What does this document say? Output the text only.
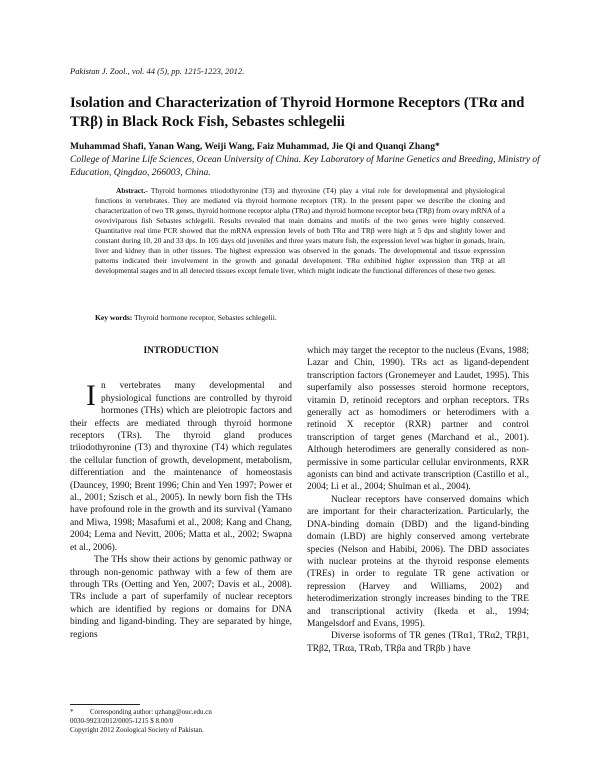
Pakistan J. Zool., vol. 44 (5), pp. 1215-1223, 2012.
Isolation and Characterization of Thyroid Hormone Receptors (TRα and TRβ) in Black Rock Fish, Sebastes schlegelii
Muhammad Shafi, Yanan Wang, Weiji Wang, Faiz Muhammad, Jie Qi and Quanqi Zhang*
College of Marine Life Sciences, Ocean University of China. Key Laboratory of Marine Genetics and Breeding, Ministry of Education, Qingdao, 266003, China.
Abstract.- Thyroid hormones triiodothyronine (T3) and thyroxine (T4) play a vital role for developmental and physiological functions in vertebrates. They are mediated via thyroid hormone receptors (TR). In the present paper we describe the cloning and characterization of two TR genes, thyroid hormone receptor alpha (TRα) and thyroid hormone receptor beta (TRβ) from ovary mRNA of a ovoviviparous fish Sebastes schlegelii. Results revealed that main domains and motifs of the two genes were highly conserved. Quantitative real time PCR showed that the mRNA expression levels of both TRα and TRβ were high at 5 dps and slightly lower and constant during 10, 20 and 33 dps. In 105 days old juveniles and three years mature fish, the expression level was higher in gonads, brain, liver and kidney than in other tissues. The highest expression was observed in the gonads. The developmental and tissue expression patterns indicated their involvement in the growth and gonadal development. TRα exhibited higher expression than TRβ at all developmental stages and in all detected tissues except female liver, which might indicate the functional differences of these two genes.
Key words: Thyroid hormone receptor, Sebastes schlegelii.

INTRODUCTION

In vertebrates many developmental and physiological functions are controlled by thyroid hormones (THs) which are pleiotropic factors and their effects are mediated through thyroid hormone receptors (TRs). The thyroid gland produces triiodothyronine (T3) and thyroxine (T4) which regulates the cellular function of growth, development, metabolism, differentiation and the maintenance of homeostasis (Dauncey, 1990; Brent 1996; Chin and Yen 1997; Power et al., 2001; Szisch et al., 2005). In newly born fish the THs have profound role in the growth and its survival (Yamano and Miwa, 1998; Masafumi et al., 2008; Kang and Chang, 2004; Lema and Nevitt, 2006; Matta et al., 2002; Swapna et al., 2006).

The THs show their actions by genomic pathway or through non-genomic pathway with a few of them are through TRs (Oetting and Yen, 2007; Davis et al., 2008). TRs include a part of superfamily of nuclear receptors which are identified by regions or domains for DNA binding and ligand-binding. They are separated by hinge, regions

which may target the receptor to the nucleus (Evans, 1988; Lazar and Chin, 1990). TRs act as ligand-dependent transcription factors (Gronemeyer and Laudet, 1995). This superfamily also possesses steroid hormone receptors, vitamin D, retinoid receptors and orphan receptors. TRs generally act as homodimers or heterodimers with a retinoid X receptor (RXR) partner and control transcription of target genes (Marchand et al., 2001). Although heterodimers are generally considered as non-permissive in some particular cellular environments, RXR agonists can bind and activate transcription (Castillo et al., 2004; Li et al., 2004; Shulman et al., 2004).

Nuclear receptors have conserved domains which are important for their characterization. Particularly, the DNA-binding domain (DBD) and the ligand-binding domain (LBD) are highly conserved among vertebrate species (Nelson and Habibi, 2006). The DBD associates with nuclear proteins at the thyroid response elements (TREs) in order to regulate TR gene activation or repression (Harvey and Williams, 2002) and heterodimerization strongly increases binding to the TRE and transcriptional activity (Ikeda et al., 1994; Mangelsdorf and Evans, 1995).

Diverse isoforms of TR genes (TRα1, TRα2, TRβ1, TRβ2, TRαa, TRαb, TRβa and TRβb ) have

* Corresponding author: qzhang@ouc.edu.cn
0030-9923/2012/0005-1215 $ 8.00/0
Copyright 2012 Zoological Society of Pakistan.
